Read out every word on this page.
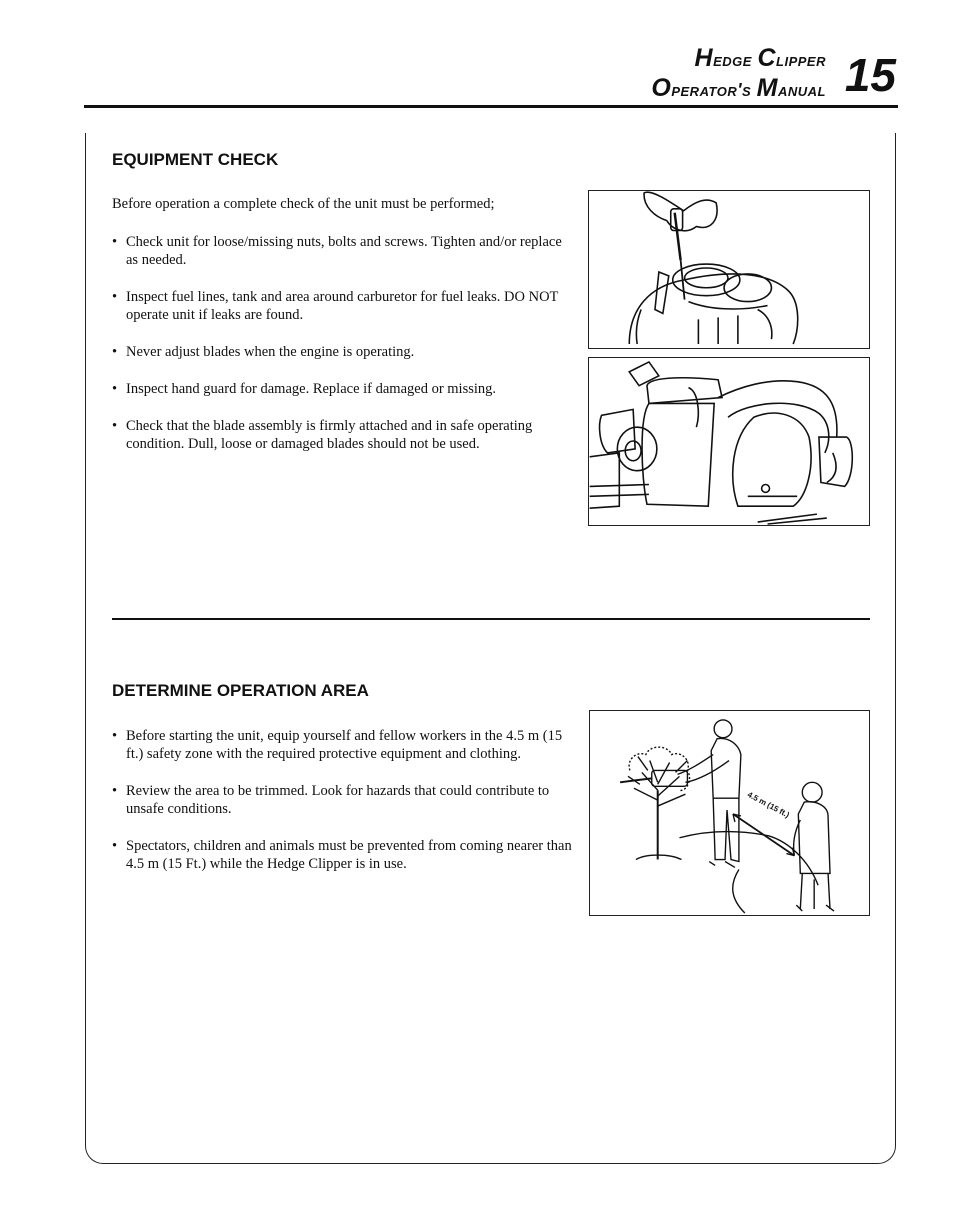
Hedge Clipper
Operator's Manual 15
EQUIPMENT CHECK

Before operation a complete check of the unit must be performed;

• Check unit for loose/missing nuts, bolts and screws. Tighten and/or replace as needed.
• Inspect fuel lines, tank and area around carburetor for fuel leaks. DO NOT operate unit if leaks are found.
• Never adjust blades when the engine is operating.
• Inspect hand guard for damage. Replace if damaged or missing.
• Check that the blade assembly is firmly attached and in safe operating condition. Dull, loose or damaged blades should not be used.
DETERMINE OPERATION AREA
• Before starting the unit, equip yourself and fellow workers in the 4.5 m (15 ft.) safety zone with the required protective equipment and clothing.
• Review the area to be trimmed. Look for hazards that could contribute to unsafe conditions.
• Spectators, children and animals must be prevented from coming nearer than 4.5 m (15 Ft.) while the Hedge Clipper is in use.
4.5 m (15 ft.)
